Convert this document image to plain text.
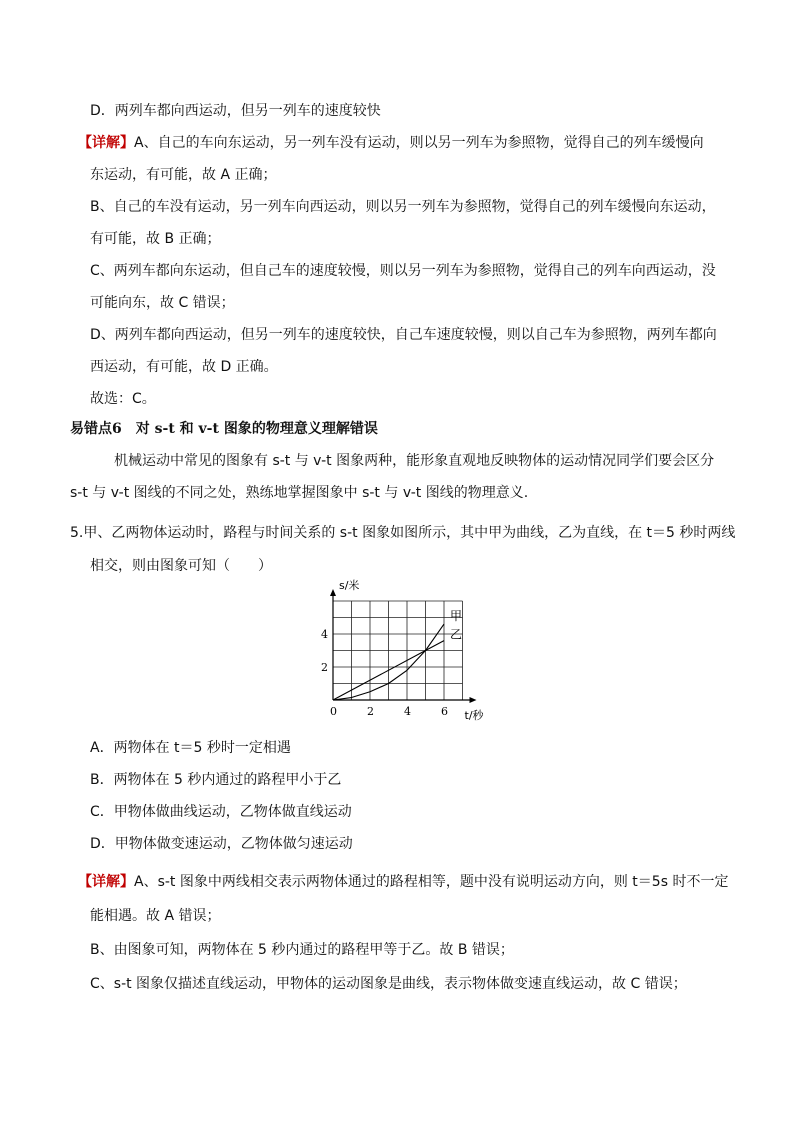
D．两列车都向西运动，但另一列车的速度较快
【详解】A、自己的车向东运动，另一列车没有运动，则以另一列车为参照物，觉得自己的列车缓慢向
东运动，有可能，故 A 正确；
B、自己的车没有运动，另一列车向西运动，则以另一列车为参照物，觉得自己的列车缓慢向东运动，
有可能，故 B 正确；
C、两列车都向东运动，但自己车的速度较慢，则以另一列车为参照物，觉得自己的列车向西运动，没
可能向东，故 C 错误；
D、两列车都向西运动，但另一列车的速度较快，自己车速度较慢，则以自己车为参照物，两列车都向
西运动，有可能，故 D 正确。
故选：C。
易错点6 对 s-t 和 v-t 图象的物理意义理解错误
机械运动中常见的图象有 s-t 与 v-t 图象两种，能形象直观地反映物体的运动情况同学们要会区分
s-t 与 v-t 图线的不同之处，熟练地掌握图象中 s-t 与 v-t 图线的物理意义.
5.甲、乙两物体运动时，路程与时间关系的 s-t 图象如图所示，其中甲为曲线，乙为直线，在 t＝5 秒时两线
相交，则由图象可知（　　）
甲
乙
0	2	4	6
2
4
t/秒
s/米
A．两物体在 t＝5 秒时一定相遇
B．两物体在 5 秒内通过的路程甲小于乙
C．甲物体做曲线运动，乙物体做直线运动
D．甲物体做变速运动，乙物体做匀速运动
【详解】A、s-t 图象中两线相交表示两物体通过的路程相等，题中没有说明运动方向，则 t＝5s 时不一定
能相遇。故 A 错误；
B、由图象可知，两物体在 5 秒内通过的路程甲等于乙。故 B 错误；
C、s-t 图象仅描述直线运动，甲物体的运动图象是曲线，表示物体做变速直线运动，故 C 错误；
